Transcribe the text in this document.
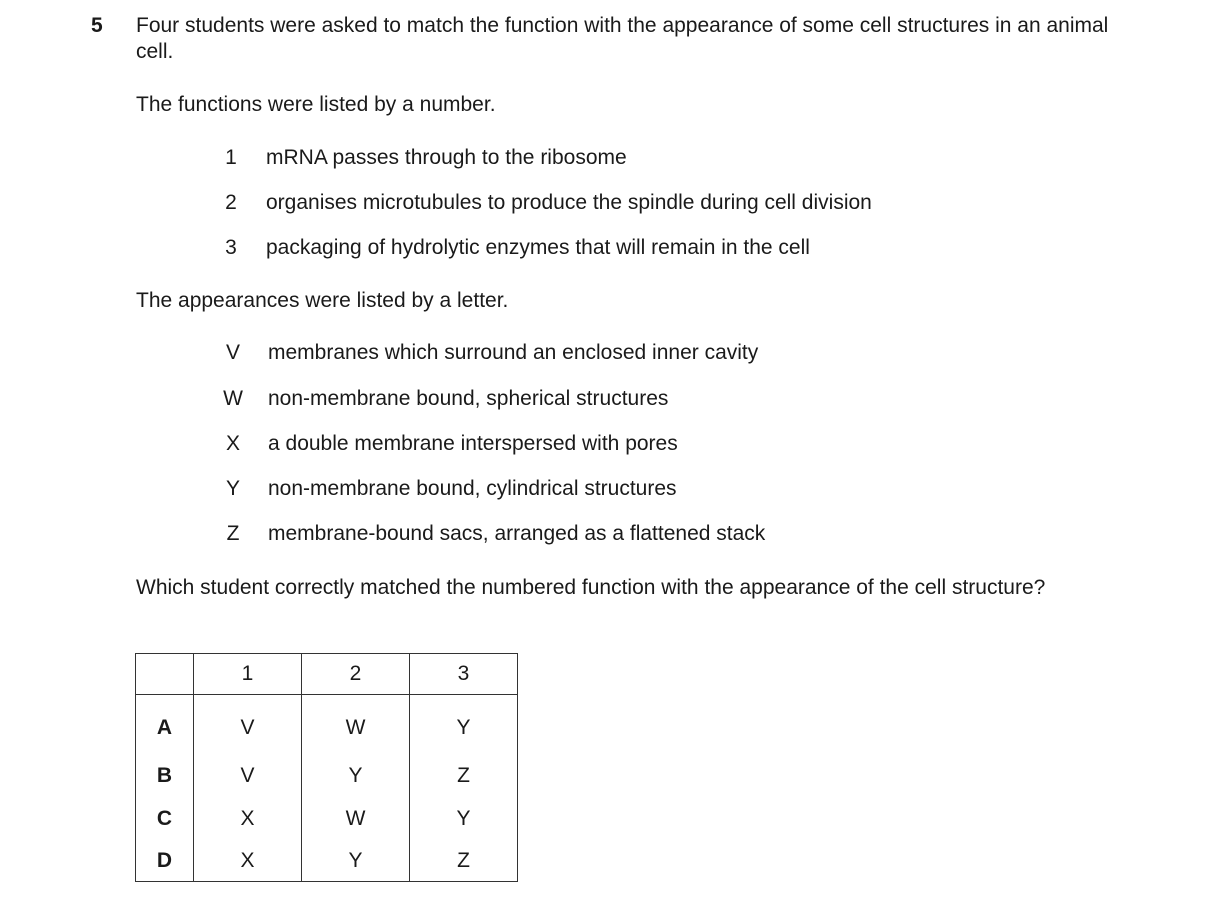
5 Four students were asked to match the function with the appearance of some cell structures in an animal cell.
The functions were listed by a number.
1 mRNA passes through to the ribosome
2 organises microtubules to produce the spindle during cell division
3 packaging of hydrolytic enzymes that will remain in the cell
The appearances were listed by a letter.
V membranes which surround an enclosed inner cavity
W non-membrane bound, spherical structures
X a double membrane interspersed with pores
Y non-membrane bound, cylindrical structures
Z membrane-bound sacs, arranged as a flattened stack
Which student correctly matched the numbered function with the appearance of the cell structure?
	1	2	3
A	V	W	Y
B	V	Y	Z
C	X	W	Y
D	X	Y	Z
